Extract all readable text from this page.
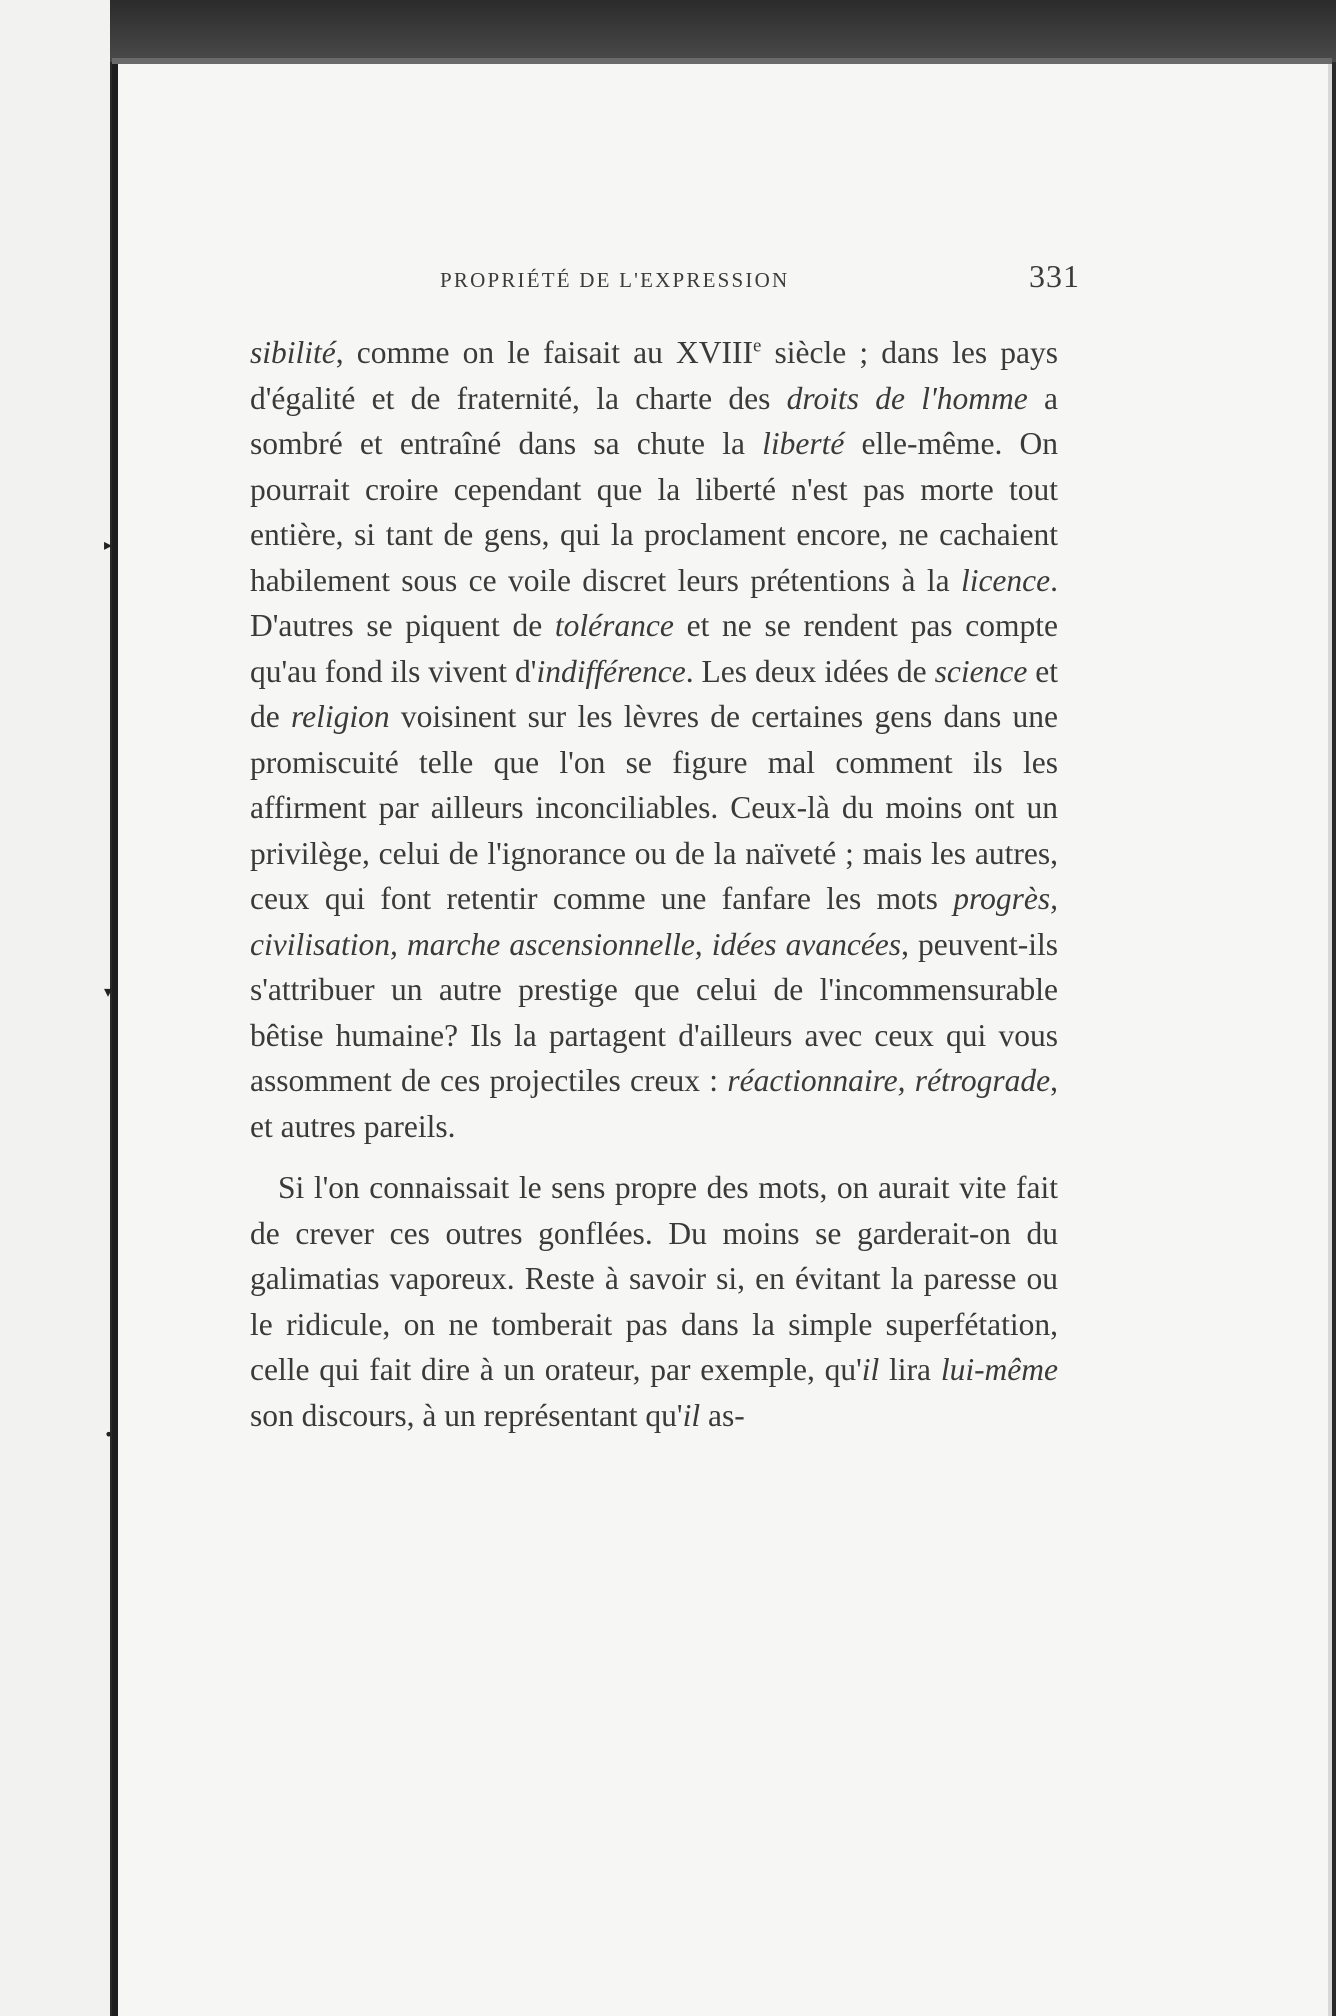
▸
▾
•
PROPRIÉTÉ DE L'EXPRESSION	331

sibilité, comme on le faisait au XVIIIe siècle ; dans les pays d'égalité et de fraternité, la charte des droits de l'homme a sombré et entraîné dans sa chute la liberté elle-même. On pourrait croire cependant que la liberté n'est pas morte tout entière, si tant de gens, qui la proclament encore, ne cachaient habilement sous ce voile discret leurs prétentions à la licence. D'autres se piquent de tolérance et ne se rendent pas compte qu'au fond ils vivent d'indifférence. Les deux idées de science et de religion voisinent sur les lèvres de certaines gens dans une promiscuité telle que l'on se figure mal comment ils les affirment par ailleurs inconciliables. Ceux-là du moins ont un privilège, celui de l'ignorance ou de la naïveté ; mais les autres, ceux qui font retentir comme une fanfare les mots progrès, civilisation, marche ascensionnelle, idées avancées, peuvent-ils s'attribuer un autre prestige que celui de l'incommensurable bêtise humaine? Ils la partagent d'ailleurs avec ceux qui vous assomment de ces projectiles creux : réactionnaire, rétrograde, et autres pareils.

Si l'on connaissait le sens propre des mots, on aurait vite fait de crever ces outres gonflées. Du moins se garderait-on du galimatias vaporeux. Reste à savoir si, en évitant la paresse ou le ridicule, on ne tomberait pas dans la simple superfétation, celle qui fait dire à un orateur, par exemple, qu'il lira lui-même son discours, à un représentant qu'il as-
